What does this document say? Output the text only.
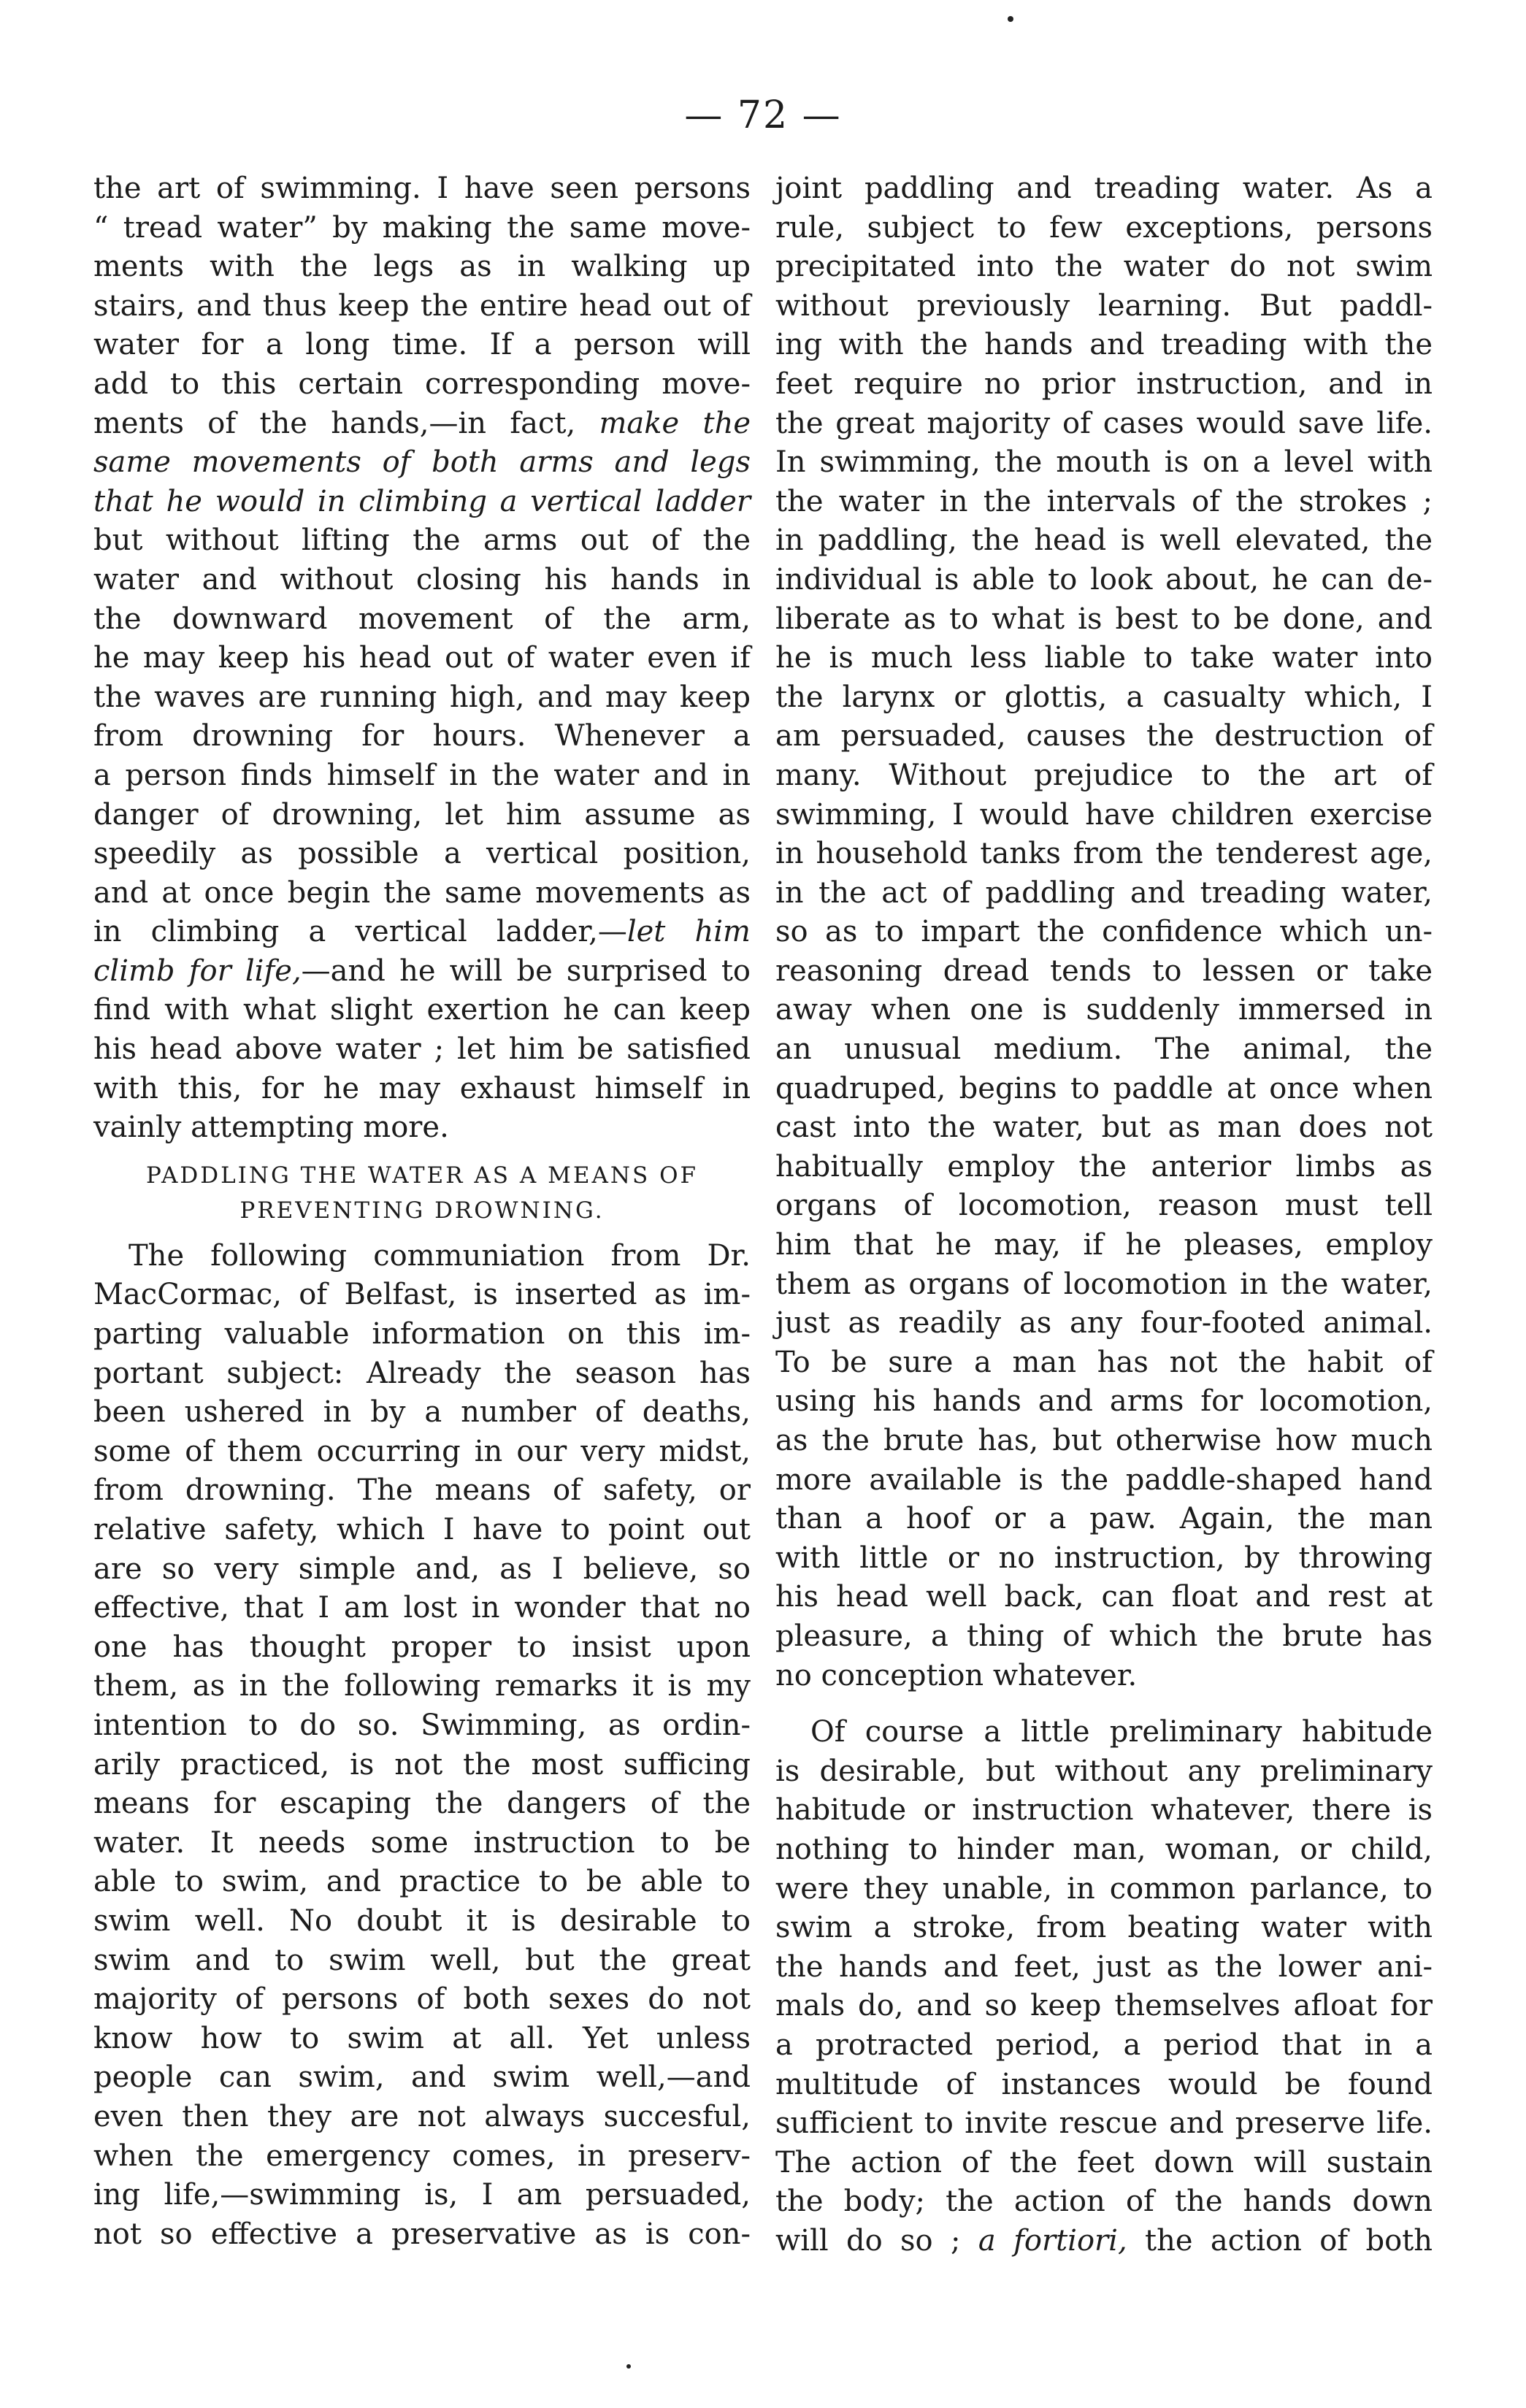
— 72 —
the art of swimming. I have seen persons
“ tread water” by making the same move-
ments with the legs as in walking up
stairs, and thus keep the entire head out of
water for a long time. If a person will
add to this certain corresponding move-
ments of the hands,—in fact, make the
same movements of both arms and legs
that he would in climbing a vertical ladder
but without lifting the arms out of the
water and without closing his hands in
the downward movement of the arm,
he may keep his head out of water even if
the waves are running high, and may keep
from drowning for hours. Whenever a
a person finds himself in the water and in
danger of drowning, let him assume as
speedily as possible a vertical position,
and at once begin the same movements as
in climbing a vertical ladder,—let him
climb for life,—and he will be surprised to
find with what slight exertion he can keep
his head above water ; let him be satisfied
with this, for he may exhaust himself in
vainly attempting more.
PADDLING THE WATER AS A MEANS OF
PREVENTING DROWNING.
The following communiation from Dr.
MacCormac, of Belfast, is inserted as im-
parting valuable information on this im-
portant subject: Already the season has
been ushered in by a number of deaths,
some of them occurring in our very midst,
from drowning. The means of safety, or
relative safety, which I have to point out
are so very simple and, as I believe, so
effective, that I am lost in wonder that no
one has thought proper to insist upon
them, as in the following remarks it is my
intention to do so. Swimming, as ordin-
arily practiced, is not the most sufficing
means for escaping the dangers of the
water. It needs some instruction to be
able to swim, and practice to be able to
swim well. No doubt it is desirable to
swim and to swim well, but the great
majority of persons of both sexes do not
know how to swim at all. Yet unless
people can swim, and swim well,—and
even then they are not always succesful,
when the emergency comes, in preserv-
ing life,—swimming is, I am persuaded,
not so effective a preservative as is con-
joint paddling and treading water. As a
rule, subject to few exceptions, persons
precipitated into the water do not swim
without previously learning. But paddl-
ing with the hands and treading with the
feet require no prior instruction, and in
the great majority of cases would save life.
In swimming, the mouth is on a level with
the water in the intervals of the strokes ;
in paddling, the head is well elevated, the
individual is able to look about, he can de-
liberate as to what is best to be done, and
he is much less liable to take water into
the larynx or glottis, a casualty which, I
am persuaded, causes the destruction of
many. Without prejudice to the art of
swimming, I would have children exercise
in household tanks from the tenderest age,
in the act of paddling and treading water,
so as to impart the confidence which un-
reasoning dread tends to lessen or take
away when one is suddenly immersed in
an unusual medium. The animal, the
quadruped, begins to paddle at once when
cast into the water, but as man does not
habitually employ the anterior limbs as
organs of locomotion, reason must tell
him that he may, if he pleases, employ
them as organs of locomotion in the water,
just as readily as any four-footed animal.
To be sure a man has not the habit of
using his hands and arms for locomotion,
as the brute has, but otherwise how much
more available is the paddle-shaped hand
than a hoof or a paw. Again, the man
with little or no instruction, by throwing
his head well back, can float and rest at
pleasure, a thing of which the brute has
no conception whatever.
Of course a little preliminary habitude
is desirable, but without any preliminary
habitude or instruction whatever, there is
nothing to hinder man, woman, or child,
were they unable, in common parlance, to
swim a stroke, from beating water with
the hands and feet, just as the lower ani-
mals do, and so keep themselves afloat for
a protracted period, a period that in a
multitude of instances would be found
sufficient to invite rescue and preserve life.
The action of the feet down will sustain
the body; the action of the hands down
will do so ; a fortiori, the action of both
